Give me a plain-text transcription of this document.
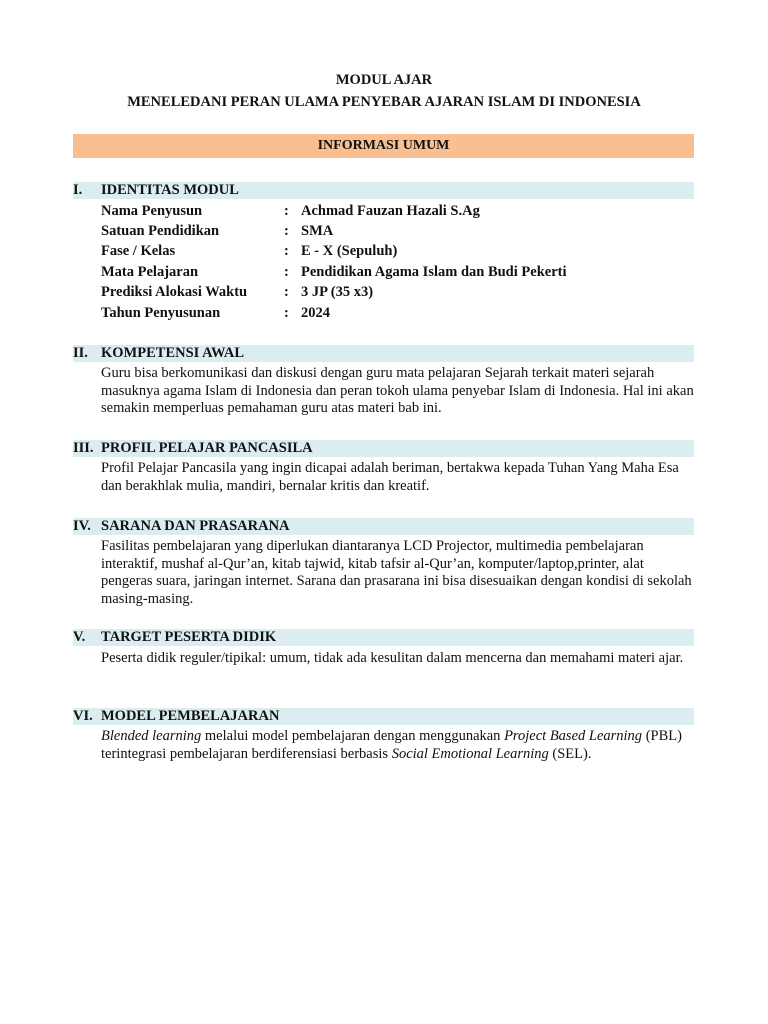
MODUL AJAR
MENELEDANI PERAN ULAMA PENYEBAR AJARAN ISLAM DI INDONESIA
INFORMASI UMUM
I. IDENTITAS MODUL
Nama Penyusun	: Achmad Fauzan Hazali S.Ag
Satuan Pendidikan	: SMA
Fase / Kelas	: E - X (Sepuluh)
Mata Pelajaran	: Pendidikan Agama Islam dan Budi Pekerti
Prediksi Alokasi Waktu	: 3 JP (35 x3)
Tahun Penyusunan	: 2024
II. KOMPETENSI AWAL
Guru bisa berkomunikasi dan diskusi dengan guru mata pelajaran Sejarah terkait materi sejarah masuknya agama Islam di Indonesia dan peran tokoh ulama penyebar Islam di Indonesia. Hal ini akan semakin memperluas pemahaman guru atas materi bab ini.
III. PROFIL PELAJAR PANCASILA
Profil Pelajar Pancasila yang ingin dicapai adalah beriman, bertakwa kepada Tuhan Yang Maha Esa dan berakhlak mulia, mandiri, bernalar kritis dan kreatif.
IV. SARANA DAN PRASARANA
Fasilitas pembelajaran yang diperlukan diantaranya LCD Projector, multimedia pembelajaran interaktif, mushaf al-Qur’an, kitab tajwid, kitab tafsir al-Qur’an, komputer/laptop,printer, alat pengeras suara, jaringan internet. Sarana dan prasarana ini bisa disesuaikan dengan kondisi di sekolah masing-masing.
V. TARGET PESERTA DIDIK
Peserta didik reguler/tipikal: umum, tidak ada kesulitan dalam mencerna dan memahami materi ajar.
VI. MODEL PEMBELAJARAN
Blended learning melalui model pembelajaran dengan menggunakan Project Based Learning (PBL) terintegrasi pembelajaran berdiferensiasi berbasis Social Emotional Learning (SEL).
